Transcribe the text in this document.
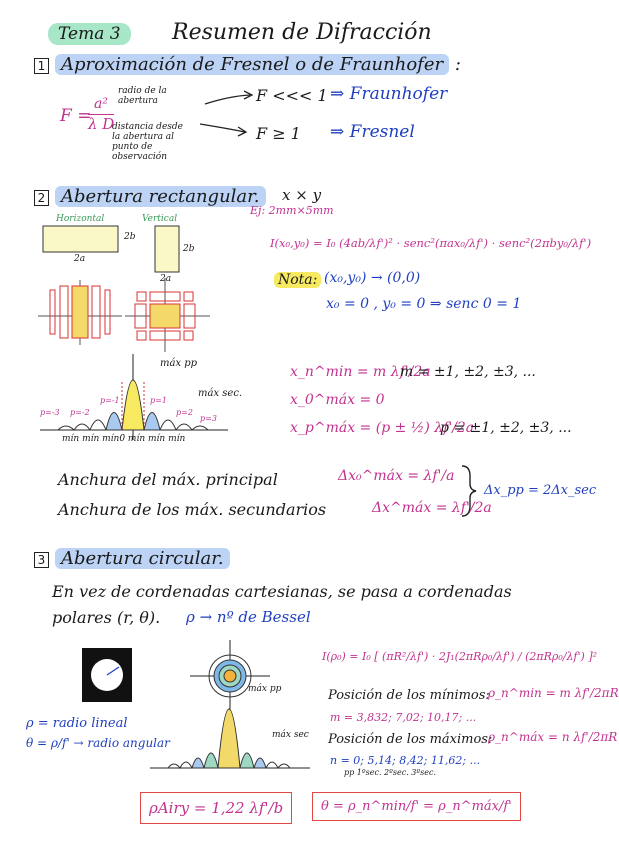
Tema 3	Resumen de Difracción
1 Aproximación de Fresnel o de Fraunhofer :
F =
a²
λ D
radio de la abertura
distancia desde la abertura al punto de observación
F <<< 1 ⇒ Fraunhofer
F ≥ 1 ⇒ Fresnel
2 Abertura rectangular.	x × y
Ej: 2mm×5mm
Horizontal	Vertical
2b
2a
2b
2a
I(x₀,y₀) = I₀ (4ab/λf')² · senc²(πax₀/λf') · senc²(2πby₀/λf')
Nota: (x₀,y₀) → (0,0)
x₀ = 0 , y₀ = 0 ⇒ senc 0 = 1
x_n^min = m λf'/2a
m = ±1, ±2, ±3, ...
x_0^máx = 0
x_p^máx = (p ± ½) λf'/2a
p = ±1, ±2, ±3, ...
máx pp
máx sec.
p=-3 p=-2
p=-1	p=1
p=2
p=3
mín mín mín0 mín mín mín
Anchura del máx. principal	Δx₀^máx = λf'/a
Anchura de los máx. secundarios	Δx^máx = λf'/2a
Δx_pp = 2Δx_sec
3 Abertura circular.
En vez de cordenadas cartesianas, se pasa a cordenadas
polares (r, θ). ρ → nº de Bessel
ρ = radio lineal
θ = ρ/f' → radio angular
I(ρ₀) = I₀ [ (πR²/λf') · 2J₁(2πRρ₀/λf') / (2πRρ₀/λf') ]²
Posición de los mínimos:
ρ_n^min = m λf'/2πR
m = 3,832; 7,02; 10,17; ...
Posición de los máximos:
ρ_n^máx = n λf'/2πR
n = 0; 5,14; 8,42; 11,62; ...
pp 1ºsec. 2ºsec. 3ºsec.
máx pp
máx sec
ρAiry = 1,22 λf'/b	θ = ρ_n^min/f' = ρ_n^máx/f'
